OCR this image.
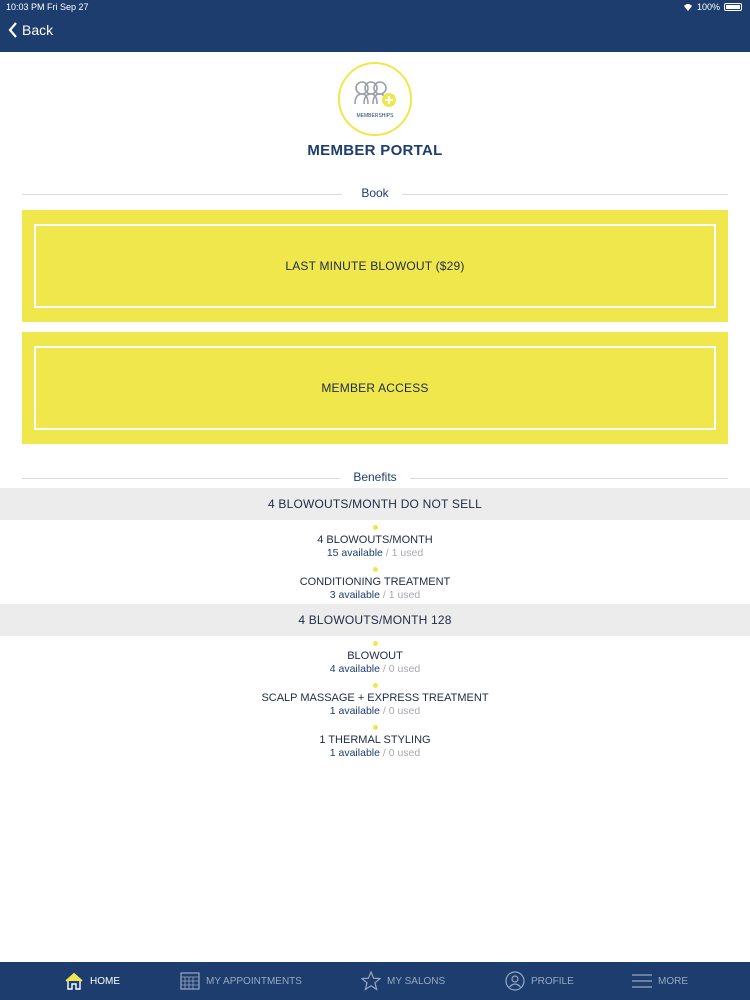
10:03 PM Fri Sep 27	100%
Back
MEMBERSHIPS
MEMBER PORTAL
Book
LAST MINUTE BLOWOUT ($29)
MEMBER ACCESS
Benefits
4 BLOWOUTS/MONTH DO NOT SELL
4 BLOWOUTS/MONTH
15 available / 1 used
CONDITIONING TREATMENT
3 available / 1 used
4 BLOWOUTS/MONTH 128
BLOWOUT
4 available / 0 used
SCALP MASSAGE + EXPRESS TREATMENT
1 available / 0 used
1 THERMAL STYLING
1 available / 0 used
HOME	MY APPOINTMENTS	MY SALONS	PROFILE	MORE
